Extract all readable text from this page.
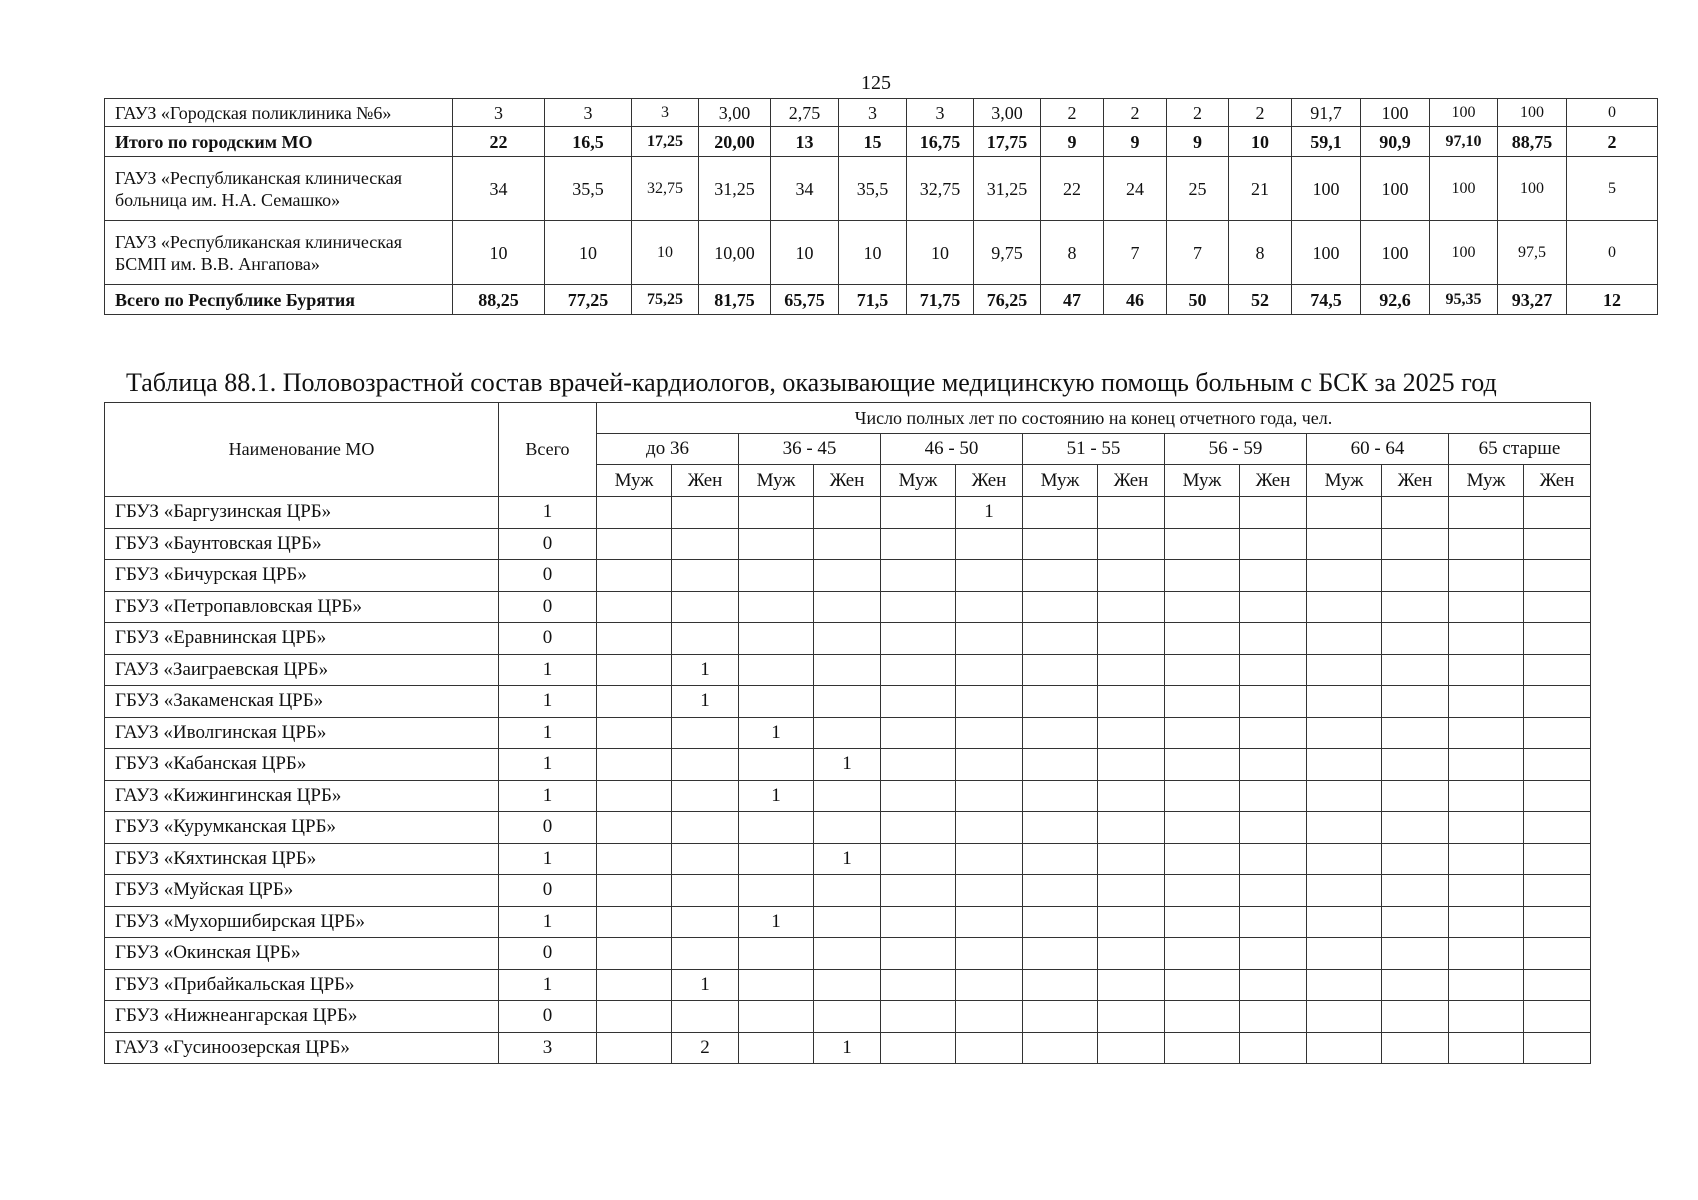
125
ГАУЗ «Городская поликлиника №6»	3	3	3	3,00	2,75	3	3	3,00	2	2	2	2	91,7	100	100	100	0
Итого по городским МО	22	16,5	17,25	20,00	13	15	16,75	17,75	9	9	9	10	59,1	90,9	97,10	88,75	2
ГАУЗ «Республиканская клиническая больница им. Н.А. Семашко»	34	35,5	32,75	31,25	34	35,5	32,75	31,25	22	24	25	21	100	100	100	100	5
ГАУЗ «Республиканская клиническая БСМП им. В.В. Ангапова»	10	10	10	10,00	10	10	10	9,75	8	7	7	8	100	100	100	97,5	0
Всего по Республике Бурятия	88,25	77,25	75,25	81,75	65,75	71,5	71,75	76,25	47	46	50	52	74,5	92,6	95,35	93,27	12
Таблица 88.1. Половозрастной состав врачей-кардиологов, оказывающие медицинскую помощь больным с БСК за 2025 год
Наименование МО	Всего	Число полных лет по состоянию на конец отчетного года, чел.													
		до 36		36 - 45		46 - 50		51 - 55		56 - 59		60 - 64		65 старше	
		Муж	Жен	Муж	Жен	Муж	Жен	Муж	Жен	Муж	Жен	Муж	Жен	Муж	Жен
ГБУЗ «Баргузинская ЦРБ»	1						1								
ГБУЗ «Баунтовская ЦРБ»	0														
ГБУЗ «Бичурская ЦРБ»	0														
ГБУЗ «Петропавловская ЦРБ»	0														
ГБУЗ «Еравнинская ЦРБ»	0														
ГАУЗ «Заиграевская ЦРБ»	1		1												
ГБУЗ «Закаменская ЦРБ»	1		1												
ГАУЗ «Иволгинская ЦРБ»	1			1											
ГБУЗ «Кабанская ЦРБ»	1				1										
ГАУЗ «Кижингинская ЦРБ»	1			1											
ГБУЗ «Курумканская ЦРБ»	0														
ГБУЗ «Кяхтинская ЦРБ»	1				1										
ГБУЗ «Муйская ЦРБ»	0														
ГБУЗ «Мухоршибирская ЦРБ»	1			1											
ГБУЗ «Окинская ЦРБ»	0														
ГБУЗ «Прибайкальская ЦРБ»	1		1												
ГБУЗ «Нижнеангарская ЦРБ»	0														
ГАУЗ «Гусиноозерская ЦРБ»	3		2		1										
